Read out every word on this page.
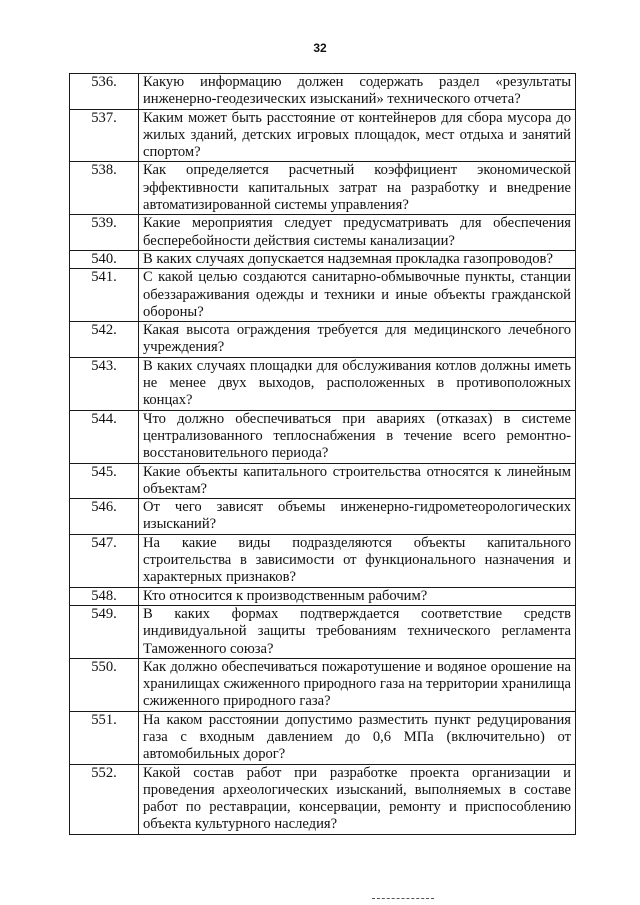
32
536.	Какую информацию должен содержать раздел «результаты инженерно-геодезических изысканий» технического отчета?
537.	Каким может быть расстояние от контейнеров для сбора мусора до жилых зданий, детских игровых площадок, мест отдыха и занятий спортом?
538.	Как определяется расчетный коэффициент экономической эффективности капитальных затрат на разработку и внедрение автоматизированной системы управления?
539.	Какие мероприятия следует предусматривать для обеспечения бесперебойности действия системы канализации?
540.	В каких случаях допускается надземная прокладка газопроводов?
541.	С какой целью создаются санитарно-обмывочные пункты, станции обеззараживания одежды и техники и иные объекты гражданской обороны?
542.	Какая высота ограждения требуется для медицинского лечебного учреждения?
543.	В каких случаях площадки для обслуживания котлов должны иметь не менее двух выходов, расположенных в противоположных концах?
544.	Что должно обеспечиваться при авариях (отказах) в системе централизованного теплоснабжения в течение всего ремонтно-восстановительного периода?
545.	Какие объекты капитального строительства относятся к линейным объектам?
546.	От чего зависят объемы инженерно-гидрометеорологических изысканий?
547.	На какие виды подразделяются объекты капитального строительства в зависимости от функционального назначения и характерных признаков?
548.	Кто относится к производственным рабочим?
549.	В каких формах подтверждается соответствие средств индивидуальной защиты требованиям технического регламента Таможенного союза?
550.	Как должно обеспечиваться пожаротушение и водяное орошение на хранилищах сжиженного природного газа на территории хранилища сжиженного природного газа?
551.	На каком расстоянии допустимо разместить пункт редуцирования газа с входным давлением до 0,6 МПа (включительно) от автомобильных дорог?
552.	Какой состав работ при разработке проекта организации и проведения археологических изысканий, выполняемых в составе работ по реставрации, консервации, ремонту и приспособлению объекта культурного наследия?
